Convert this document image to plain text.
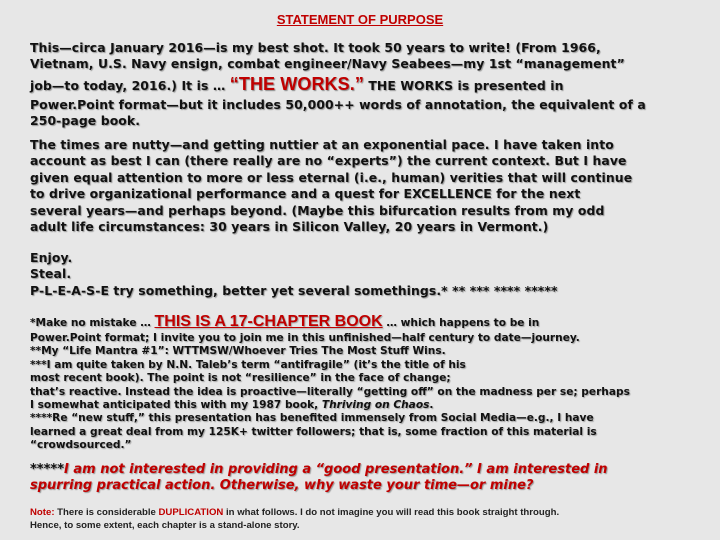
STATEMENT OF PURPOSE
This—circa January 2016—is my best shot. It took 50 years to write! (From 1966,
Vietnam, U.S. Navy ensign, combat engineer/Navy Seabees—my 1st “management”
job—to today, 2016.) It is … “THE WORKS.” THE WORKS is presented in
Power.Point format—but it includes 50,000++ words of annotation, the equivalent of a
250-page book.
The times are nutty—and getting nuttier at an exponential pace. I have taken into
account as best I can (there really are no “experts”) the current context. But I have
given equal attention to more or less eternal (i.e., human) verities that will continue
to drive organizational performance and a quest for EXCELLENCE for the next
several years—and perhaps beyond. (Maybe this bifurcation results from my odd
adult life circumstances: 30 years in Silicon Valley, 20 years in Vermont.)
Enjoy.
Steal.
P-L-E-A-S-E try something, better yet several somethings.* ** *** **** *****
*Make no mistake … THIS IS A 17-CHAPTER BOOK … which happens to be in
Power.Point format; I invite you to join me in this unfinished—half century to date—journey.
**My “Life Mantra #1”: WTTMSW/Whoever Tries The Most Stuff Wins.
***I am quite taken by N.N. Taleb’s term “antifragile” (it’s the title of his
most recent book). The point is not “resilience” in the face of change;
that’s reactive. Instead the idea is proactive—literally “getting off” on the madness per se; perhaps
I somewhat anticipated this with my 1987 book, Thriving on Chaos.
****Re “new stuff,” this presentation has benefited immensely from Social Media—e.g., I have
learned a great deal from my 125K+ twitter followers; that is, some fraction of this material is
“crowdsourced.”
*****I am not interested in providing a “good presentation.” I am interested in
spurring practical action. Otherwise, why waste your time—or mine?
Note: There is considerable DUPLICATION in what follows. I do not imagine you will read this book straight through.
Hence, to some extent, each chapter is a stand-alone story.
